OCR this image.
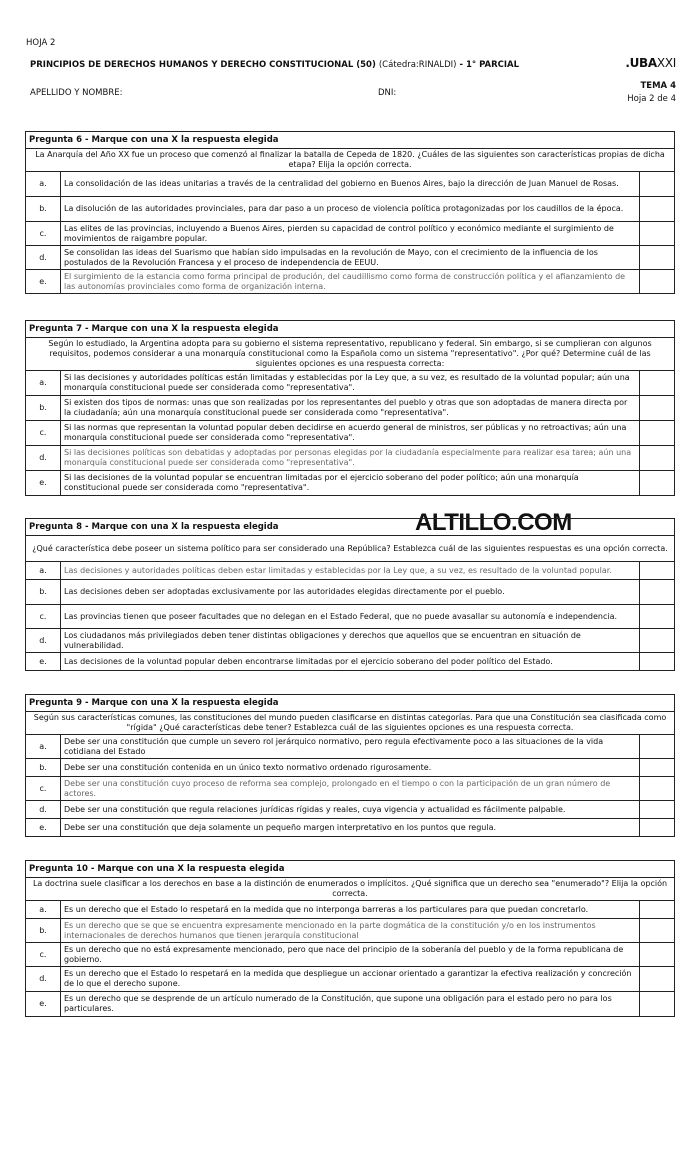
HOJA 2
PRINCIPIOS DE DERECHOS HUMANOS Y DERECHO CONSTITUCIONAL (50) (Cátedra:RINALDI) - 1° PARCIAL	.UBAXXI
APELLIDO Y NOMBRE:	DNI:
TEMA 4
Hoja 2 de 4
Pregunta 6 - Marque con una X la respuesta elegida		
La Anarquía del Año XX fue un proceso que comenzó al finalizar la batalla de Cepeda de 1820. ¿Cuáles de las siguientes son características propias de dicha etapa? Elija la opción correcta.		
a.	La consolidación de las ideas unitarias a través de la centralidad del gobierno en Buenos Aires, bajo la dirección de Juan Manuel de Rosas.	
b.	La disolución de las autoridades provinciales, para dar paso a un proceso de violencia política protagonizadas por los caudillos de la época.	
c.	Las elites de las provincias, incluyendo a Buenos Aires, pierden su capacidad de control político y económico mediante el surgimiento de movimientos de raigambre popular.	
d.	Se consolidan las ideas del Suarismo que habían sido impulsadas en la revolución de Mayo, con el crecimiento de la influencia de los postulados de la Revolución Francesa y el proceso de independencia de EEUU.	
e.	El surgimiento de la estancia como forma principal de produción, del caudillismo como forma de construcción política y el afianzamiento de las autonomías provinciales como forma de organización interna.	
Pregunta 7 - Marque con una X la respuesta elegida		
Según lo estudiado, la Argentina adopta para su gobierno el sistema representativo, republicano y federal. Sin embargo, si se cumplieran con algunos requisitos, podemos considerar a una monarquía constitucional como la Española como un sistema "representativo". ¿Por qué? Determine cuál de las siguientes opciones es una respuesta correcta:		
a.	Si las decisiones y autoridades políticas están limitadas y establecidas por la Ley que, a su vez, es resultado de la voluntad popular; aún una monarquía constitucional puede ser considerada como "representativa".	
b.	Si existen dos tipos de normas: unas que son realizadas por los representantes del pueblo y otras que son adoptadas de manera directa por la ciudadanía; aún una monarquía constitucional puede ser considerada como "representativa".	
c.	Si las normas que representan la voluntad popular deben decidirse en acuerdo general de ministros, ser públicas y no retroactivas; aún una monarquía constitucional puede ser considerada como "representativa".	
d.	Si las decisiones políticas son debatidas y adoptadas por personas elegidas por la ciudadanía especialmente para realizar esa tarea; aún una monarquía constitucional puede ser considerada como "representativa".	
e.	Si las decisiones de la voluntad popular se encuentran limitadas por el ejercicio soberano del poder político; aún una monarquía constitucional puede ser considerada como "representativa".	
ALTILLO.COM
Pregunta 8 - Marque con una X la respuesta elegida		
¿Qué característica debe poseer un sistema político para ser considerado una República? Establezca cuál de las siguientes respuestas es una opción correcta.		
a.	Las decisiones y autoridades políticas deben estar limitadas y establecidas por la Ley que, a su vez, es resultado de la voluntad popular.	
b.	Las decisiones deben ser adoptadas exclusivamente por las autoridades elegidas directamente por el pueblo.	
c.	Las provincias tienen que poseer facultades que no delegan en el Estado Federal, que no puede avasallar su autonomía e independencia.	
d.	Los ciudadanos más privilegiados deben tener distintas obligaciones y derechos que aquellos que se encuentran en situación de vulnerabilidad.	
e.	Las decisiones de la voluntad popular deben encontrarse limitadas por el ejercicio soberano del poder político del Estado.	
Pregunta 9 - Marque con una X la respuesta elegida		
Según sus características comunes, las constituciones del mundo pueden clasificarse en distintas categorías. Para que una Constitución sea clasificada como "rígida" ¿Qué características debe tener? Establezca cuál de las siguientes opciones es una respuesta correcta.		
a.	Debe ser una constitución que cumple un severo rol jerárquico normativo, pero regula efectivamente poco a las situaciones de la vida cotidiana del Estado	
b.	Debe ser una constitución contenida en un único texto normativo ordenado rigurosamente.	
c.	Debe ser una constitución cuyo proceso de reforma sea complejo, prolongado en el tiempo o con la participación de un gran número de actores.	
d.	Debe ser una constitución que regula relaciones jurídicas rígidas y reales, cuya vigencia y actualidad es fácilmente palpable.	
e.	Debe ser una constitución que deja solamente un pequeño margen interpretativo en los puntos que regula.	
Pregunta 10 - Marque con una X la respuesta elegida		
La doctrina suele clasificar a los derechos en base a la distinción de enumerados o implícitos. ¿Qué significa que un derecho sea "enumerado"? Elija la opción correcta.		
a.	Es un derecho que el Estado lo respetará en la medida que no interponga barreras a los particulares para que puedan concretarlo.	
b.	Es un derecho que se que se encuentra expresamente mencionado en la parte dogmática de la constitución y/o en los instrumentos internacionales de derechos humanos que tienen jerarquía constitucional	
c.	Es un derecho que no está expresamente mencionado, pero que nace del principio de la soberanía del pueblo y de la forma republicana de gobierno.	
d.	Es un derecho que el Estado lo respetará en la medida que despliegue un accionar orientado a garantizar la efectiva realización y concreción de lo que el derecho supone.	
e.	Es un derecho que se desprende de un artículo numerado de la Constitución, que supone una obligación para el estado pero no para los particulares.	
